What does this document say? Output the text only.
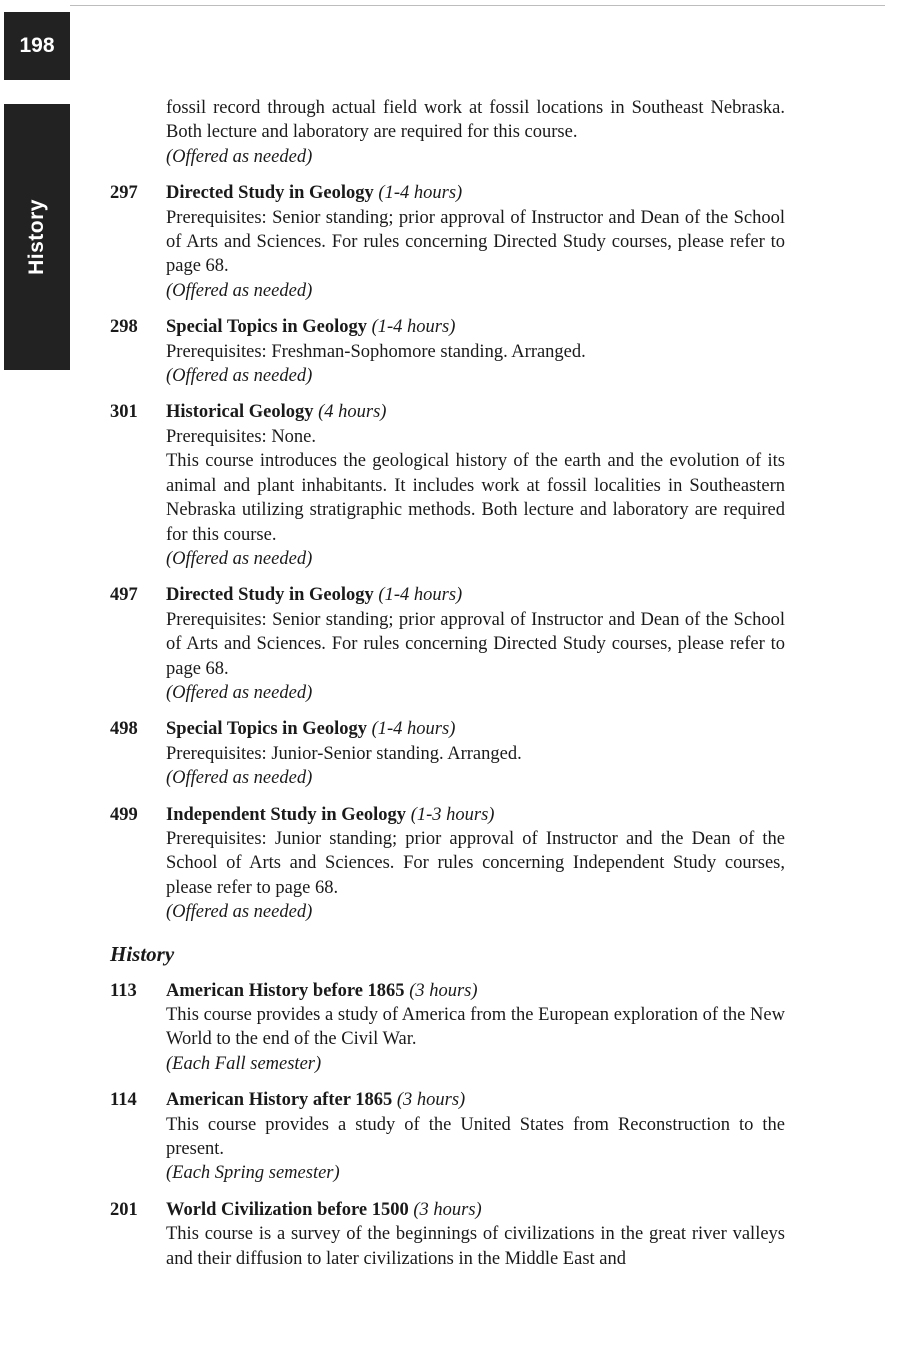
198
History

fossil record through actual field work at fossil locations in Southeast Nebraska. Both lecture and laboratory are required for this course.

(Offered as needed)

297	Directed Study in Geology (1-4 hours)

Prerequisites: Senior standing; prior approval of Instructor and Dean of the School of Arts and Sciences. For rules concerning Directed Study courses, please refer to page 68.

(Offered as needed)

298	Special Topics in Geology (1-4 hours)

Prerequisites: Freshman-Sophomore standing. Arranged.

(Offered as needed)

301	Historical Geology (4 hours)

Prerequisites: None.

This course introduces the geological history of the earth and the evolution of its animal and plant inhabitants. It includes work at fossil localities in Southeastern Nebraska utilizing stratigraphic methods. Both lecture and laboratory are required for this course.

(Offered as needed)

497	Directed Study in Geology (1-4 hours)

Prerequisites: Senior standing; prior approval of Instructor and Dean of the School of Arts and Sciences. For rules concerning Directed Study courses, please refer to page 68.

(Offered as needed)

498	Special Topics in Geology (1-4 hours)

Prerequisites: Junior-Senior standing. Arranged.

(Offered as needed)

499	Independent Study in Geology (1-3 hours)

Prerequisites: Junior standing; prior approval of Instructor and the Dean of the School of Arts and Sciences. For rules concerning Independent Study courses, please refer to page 68.

(Offered as needed)

History
113	American History before 1865 (3 hours)

This course provides a study of America from the European exploration of the New World to the end of the Civil War.

(Each Fall semester)

114	American History after 1865 (3 hours)

This course provides a study of the United States from Reconstruction to the present.

(Each Spring semester)

201	World Civilization before 1500 (3 hours)

This course is a survey of the beginnings of civilizations in the great river valleys and their diffusion to later civilizations in the Middle East and
